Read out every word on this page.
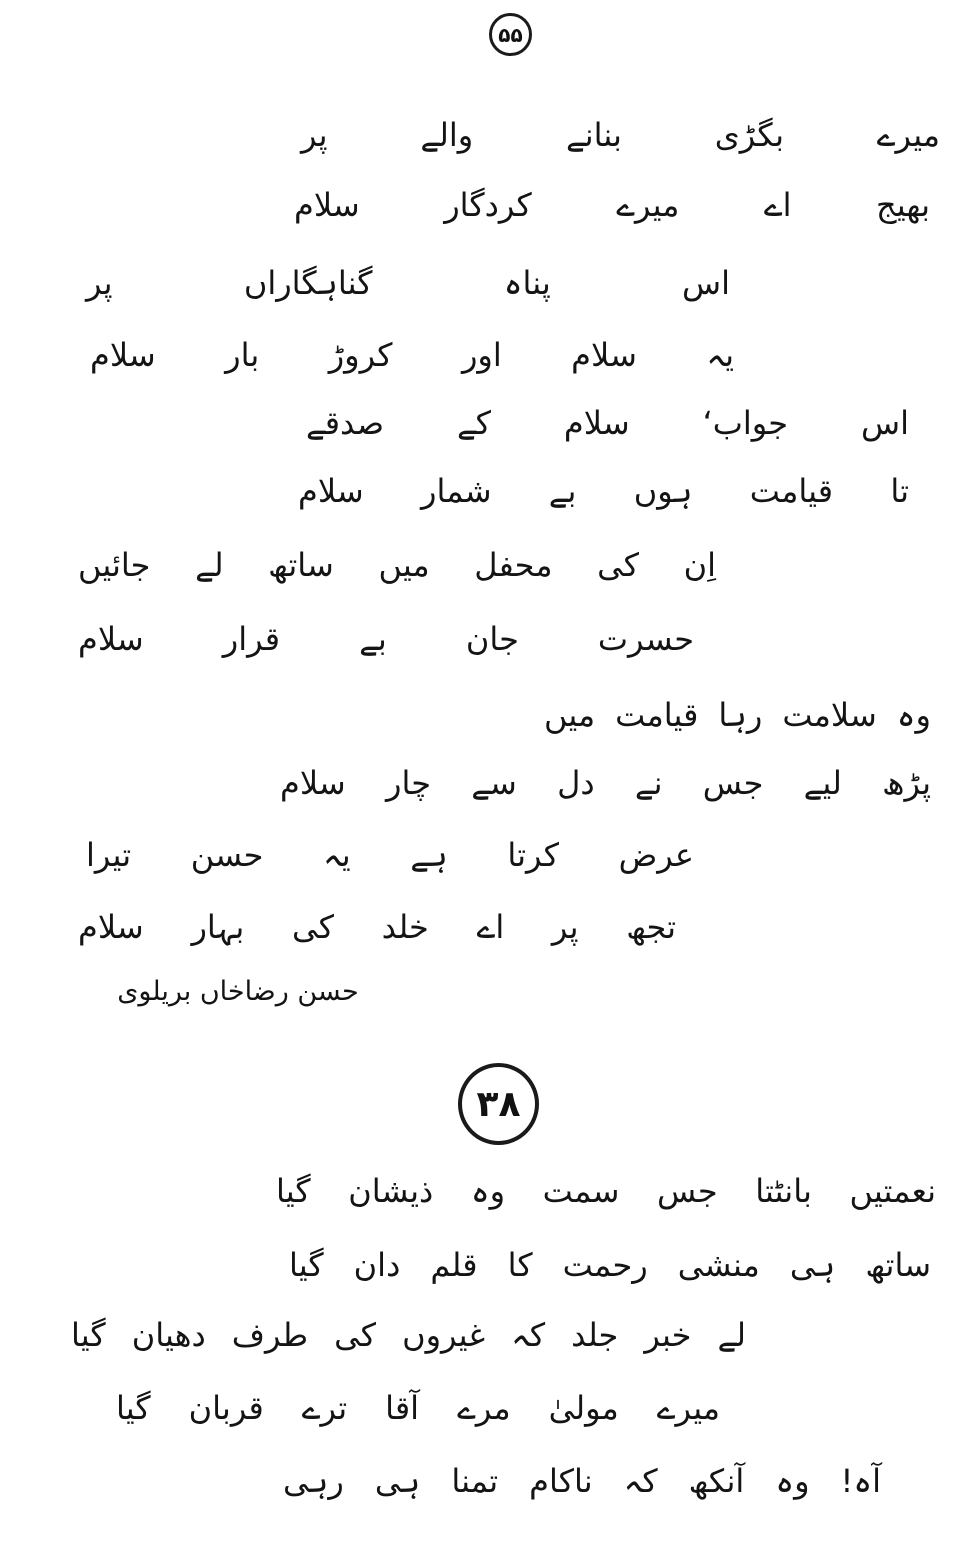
۵۵
میرے بگڑی بنانے والے پر
بھیج اے میرے کردگار سلام
اس پناہ گناہگاراں پر
یہ سلام اور کروڑ بار سلام
اس جواب‘ سلام کے صدقے
تا قیامت ہوں بے شمار سلام
اِن کی محفل میں ساتھ لے جائیں
حسرت جان بے قرار سلام
وہ سلامت رہا قیامت میں
پڑھ لیے جس نے دل سے چار سلام
عرض کرتا ہے یہ حسن تیرا
تجھ پر اے خلد کی بہار سلام
حسن رضاخاں بریلوی
۳۸
نعمتیں بانٹتا جس سمت وہ ذیشان گیا
ساتھ ہی منشی رحمت کا قلم دان گیا
لے خبر جلد کہ غیروں کی طرف دھیان گیا
میرے مولیٰ مرے آقا ترے قربان گیا
آہ! وہ آنکھ کہ ناکام تمنا ہی رہی
